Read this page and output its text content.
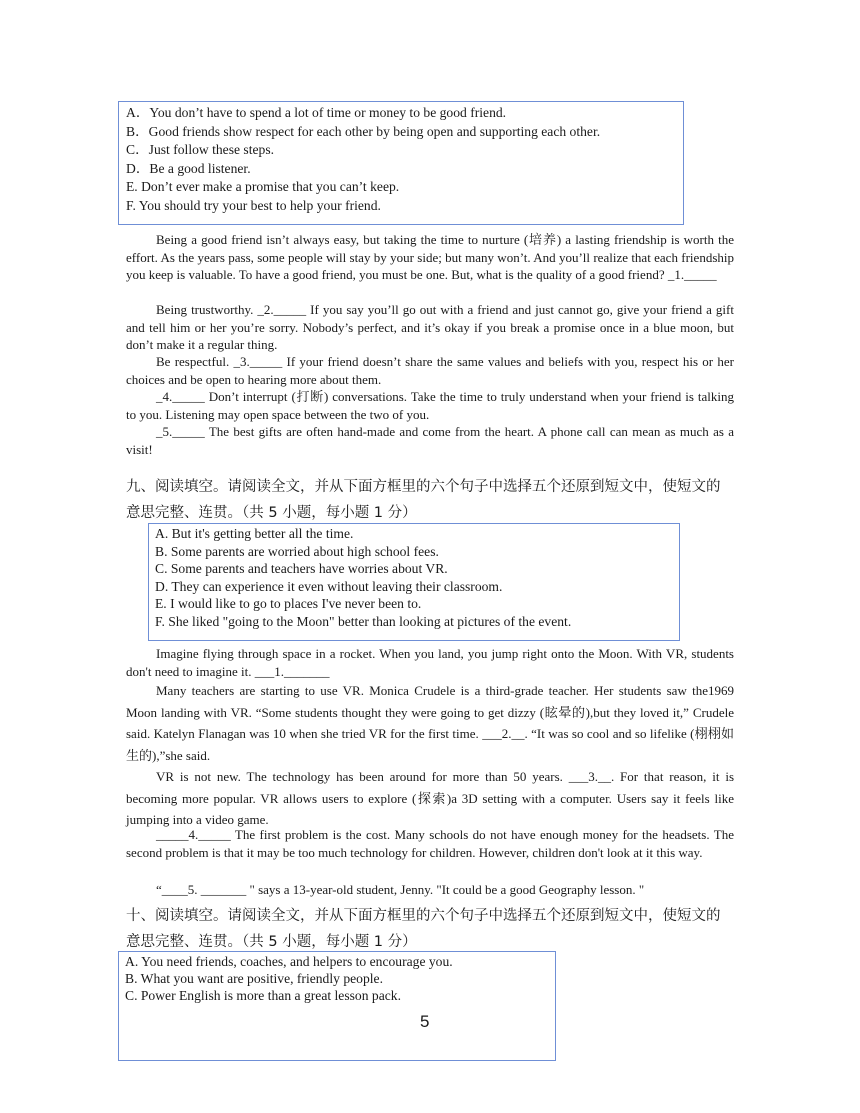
A．You don’t have to spend a lot of time or money to be good friend.
B．Good friends show respect for each other by being open and supporting each other.
C．Just follow these steps.
D．Be a good listener.
E. Don’t ever make a promise that you can’t keep.
F. You should try your best to help your friend.
Being a good friend isn’t always easy, but taking the time to nurture (培养) a lasting friendship is worth the effort. As the years pass, some people will stay by your side; but many won’t. And you’ll realize that each friendship you keep is valuable. To have a good friend, you must be one. But, what is the quality of a good friend? _1._____
Being trustworthy. _2._____ If you say you’ll go out with a friend and just cannot go, give your friend a gift and tell him or her you’re sorry. Nobody’s perfect, and it’s okay if you break a promise once in a blue moon, but don’t make it a regular thing.
Be respectful. _3._____ If your friend doesn’t share the same values and beliefs with you, respect his or her choices and be open to hearing more about them.
_4._____ Don’t interrupt (打断) conversations. Take the time to truly understand when your friend is talking to you. Listening may open space between the two of you.
_5._____ The best gifts are often hand-made and come from the heart. A phone call can mean as much as a visit!
九、阅读填空。请阅读全文，并从下面方框里的六个句子中选择五个还原到短文中，使短文的
意思完整、连贯。（共 5 小题，每小题 1 分）
A. But it's getting better all the time.
B. Some parents are worried about high school fees.
C. Some parents and teachers have worries about VR.
D. They can experience it even without leaving their classroom.
E. I would like to go to places I've never been to.
F. She liked "going to the Moon" better than looking at pictures of the event.
Imagine flying through space in a rocket. When you land, you jump right onto the Moon. With VR, students don't need to imagine it. ___1._______
Many teachers are starting to use VR. Monica Crudele is a third-grade teacher. Her students saw the1969 Moon landing with VR. “Some students thought they were going to get dizzy (眩晕的),but they loved it,” Crudele said. Katelyn Flanagan was 10 when she tried VR for the first time. ___2.__. “It was so cool and so lifelike (栩栩如生的),”she said.
VR is not new. The technology has been around for more than 50 years. ___3.__. For that reason, it is becoming more popular. VR allows users to explore (探索)a 3D setting with a computer. Users say it feels like jumping into a video game.
_____4._____ The first problem is the cost. Many schools do not have enough money for the headsets. The second problem is that it may be too much technology for children. However, children don't look at it this way.
“____5. _______ " says a 13-year-old student, Jenny. "It could be a good Geography lesson. "
十、阅读填空。请阅读全文，并从下面方框里的六个句子中选择五个还原到短文中，使短文的
意思完整、连贯。（共 5 小题，每小题 1 分）
A. You need friends, coaches, and helpers to encourage you.
B. What you want are positive, friendly people.
C. Power English is more than a great lesson pack.
5
